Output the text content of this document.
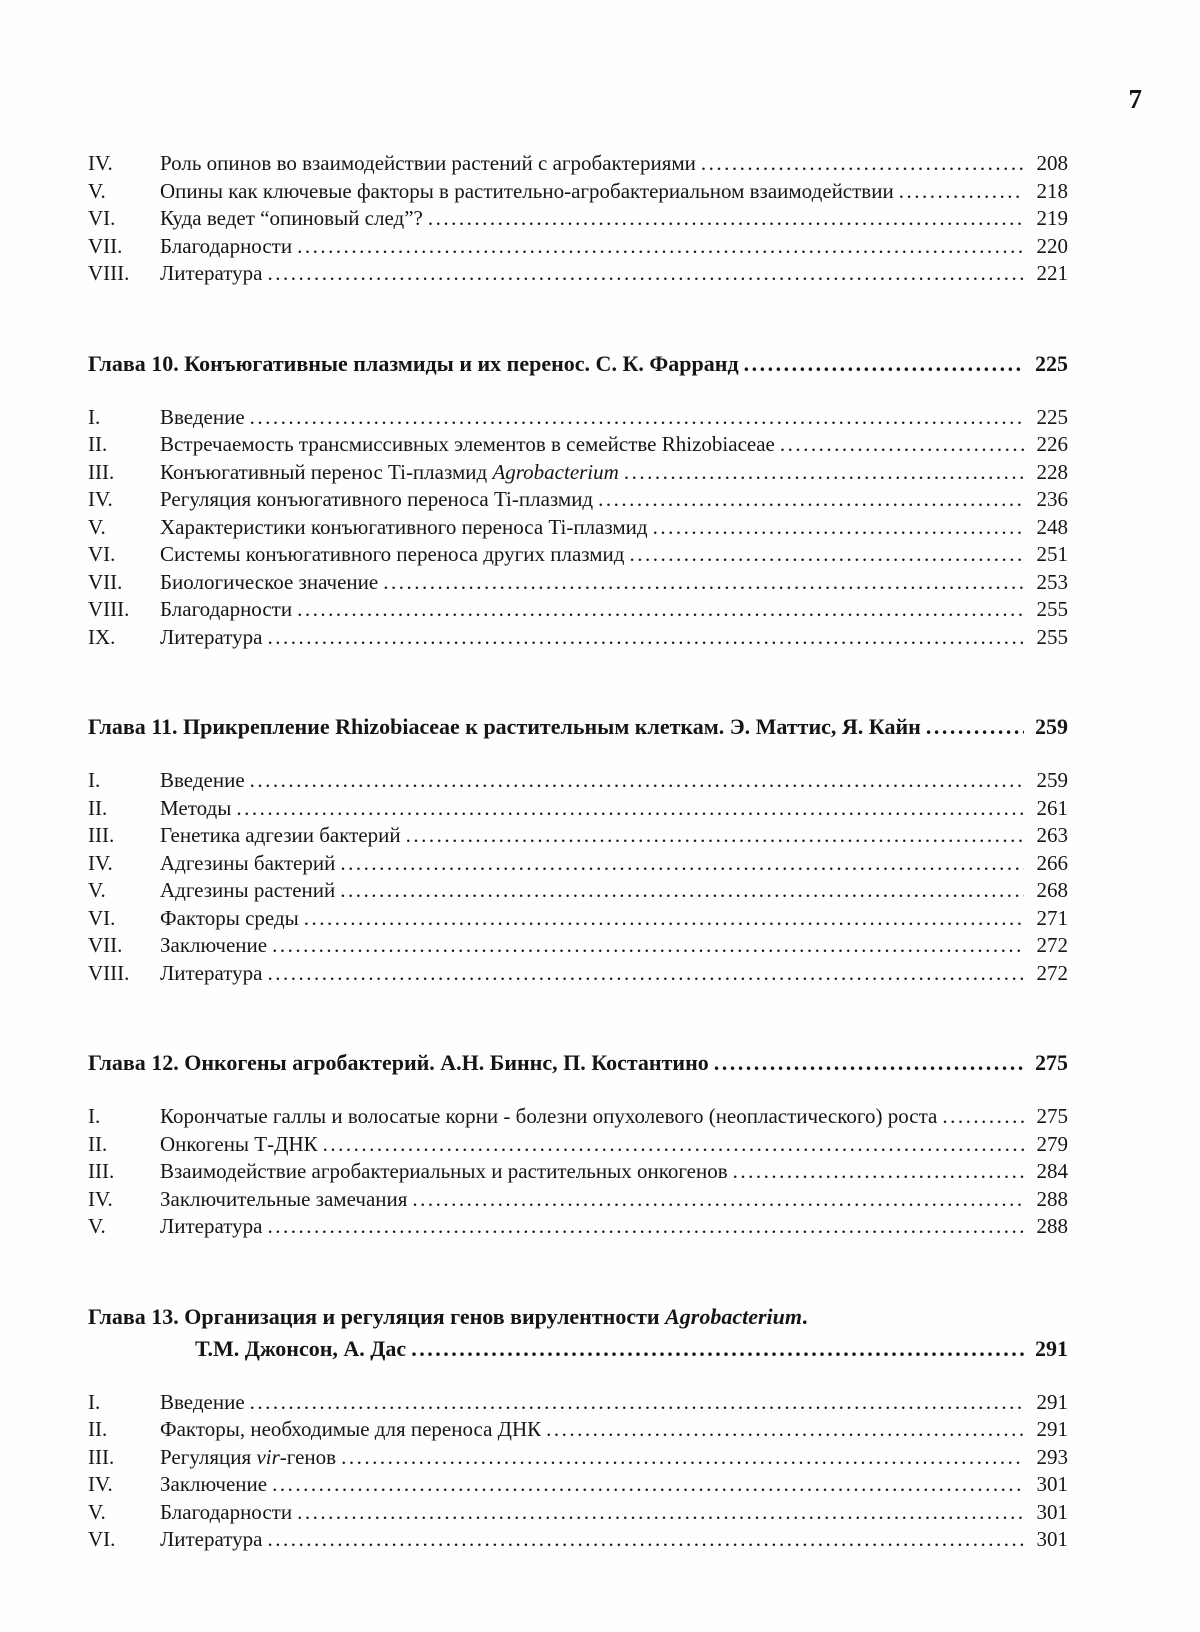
7
IV.	Роль опинов во взаимодействии растений с агробактериями .....	208
V.	Опины как ключевые факторы в растительно-агробактериальном взаимодействии .....	218
VI.	Куда ведет “опиновый след”? .....	219
VII.	Благодарности .....	220
VIII.	Литература .....	221
Глава 10. Конъюгативные плазмиды и их перенос. С. К. Фарранд .....	225
I.	Введение .....	225
II.	Встречаемость трансмиссивных элементов в семействе Rhizobiaceae .....	226
III.	Конъюгативный перенос Ti-плазмид Agrobacterium .....	228
IV.	Регуляция конъюгативного переноса Ti-плазмид .....	236
V.	Характеристики конъюгативного переноса Ti-плазмид .....	248
VI.	Системы конъюгативного переноса других плазмид .....	251
VII.	Биологическое значение .....	253
VIII.	Благодарности .....	255
IX.	Литература .....	255
Глава 11. Прикрепление Rhizobiaceae к растительным клеткам. Э. Маттис, Я. Кайн .....	259
I.	Введение .....	259
II.	Методы .....	261
III.	Генетика адгезии бактерий .....	263
IV.	Адгезины бактерий .....	266
V.	Адгезины растений .....	268
VI.	Факторы среды .....	271
VII.	Заключение .....	272
VIII.	Литература .....	272
Глава 12. Онкогены агробактерий. А.Н. Биннс, П. Костантино .....	275
I.	Корончатые галлы и волосатые корни - болезни опухолевого (неопластического) роста .....	275
II.	Онкогены Т-ДНК .....	279
III.	Взаимодействие агробактериальных и растительных онкогенов .....	284
IV.	Заключительные замечания .....	288
V.	Литература .....	288
Глава 13. Организация и регуляция генов вирулентности Agrobacterium.
Т.М. Джонсон, А. Дас .....	291
I.	Введение .....	291
II.	Факторы, необходимые для переноса ДНК .....	291
III.	Регуляция vir-генов .....	293
IV.	Заключение .....	301
V.	Благодарности .....	301
VI.	Литература .....	301
